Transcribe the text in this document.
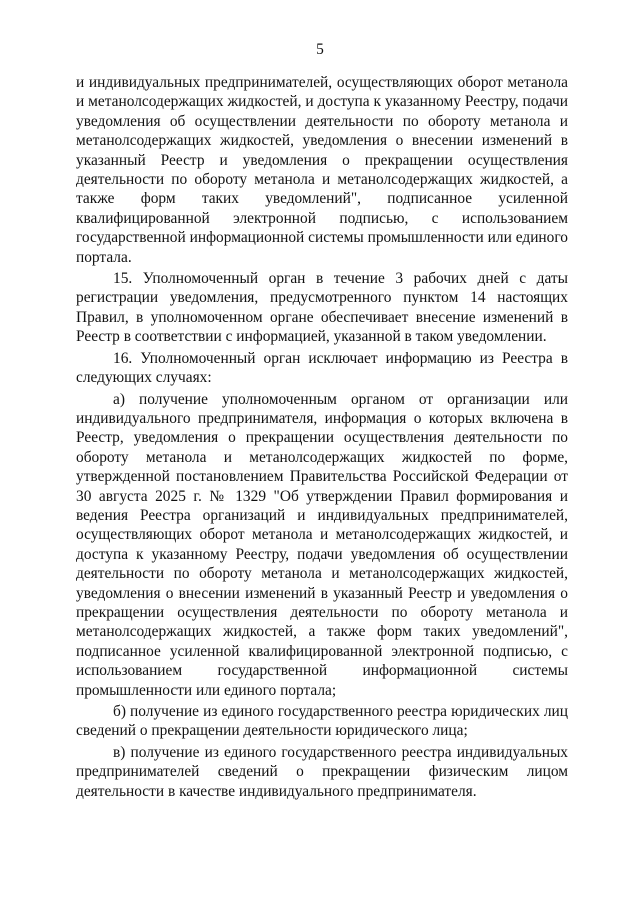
5

и индивидуальных предпринимателей, осуществляющих оборот метанола и метанолсодержащих жидкостей, и доступа к указанному Реестру, подачи уведомления об осуществлении деятельности по обороту метанола и метанолсодержащих жидкостей, уведомления о внесении изменений в указанный Реестр и уведомления о прекращении осуществления деятельности по обороту метанола и метанолсодержащих жидкостей, а также форм таких уведомлений", подписанное усиленной квалифицированной электронной подписью, с использованием государственной информационной системы промышленности или единого портала.

15. Уполномоченный орган в течение 3 рабочих дней с даты регистрации уведомления, предусмотренного пунктом 14 настоящих Правил, в уполномоченном органе обеспечивает внесение изменений в Реестр в соответствии с информацией, указанной в таком уведомлении.

16. Уполномоченный орган исключает информацию из Реестра в следующих случаях:

а) получение уполномоченным органом от организации или индивидуального предпринимателя, информация о которых включена в Реестр, уведомления о прекращении осуществления деятельности по обороту метанола и метанолсодержащих жидкостей по форме, утвержденной постановлением Правительства Российской Федерации от 30 августа 2025 г. № 1329 "Об утверждении Правил формирования и ведения Реестра организаций и индивидуальных предпринимателей, осуществляющих оборот метанола и метанолсодержащих жидкостей, и доступа к указанному Реестру, подачи уведомления об осуществлении деятельности по обороту метанола и метанолсодержащих жидкостей, уведомления о внесении изменений в указанный Реестр и уведомления о прекращении осуществления деятельности по обороту метанола и метанолсодержащих жидкостей, а также форм таких уведомлений", подписанное усиленной квалифицированной электронной подписью, с использованием государственной информационной системы промышленности или единого портала;

б) получение из единого государственного реестра юридических лиц сведений о прекращении деятельности юридического лица;

в) получение из единого государственного реестра индивидуальных предпринимателей сведений о прекращении физическим лицом деятельности в качестве индивидуального предпринимателя.
